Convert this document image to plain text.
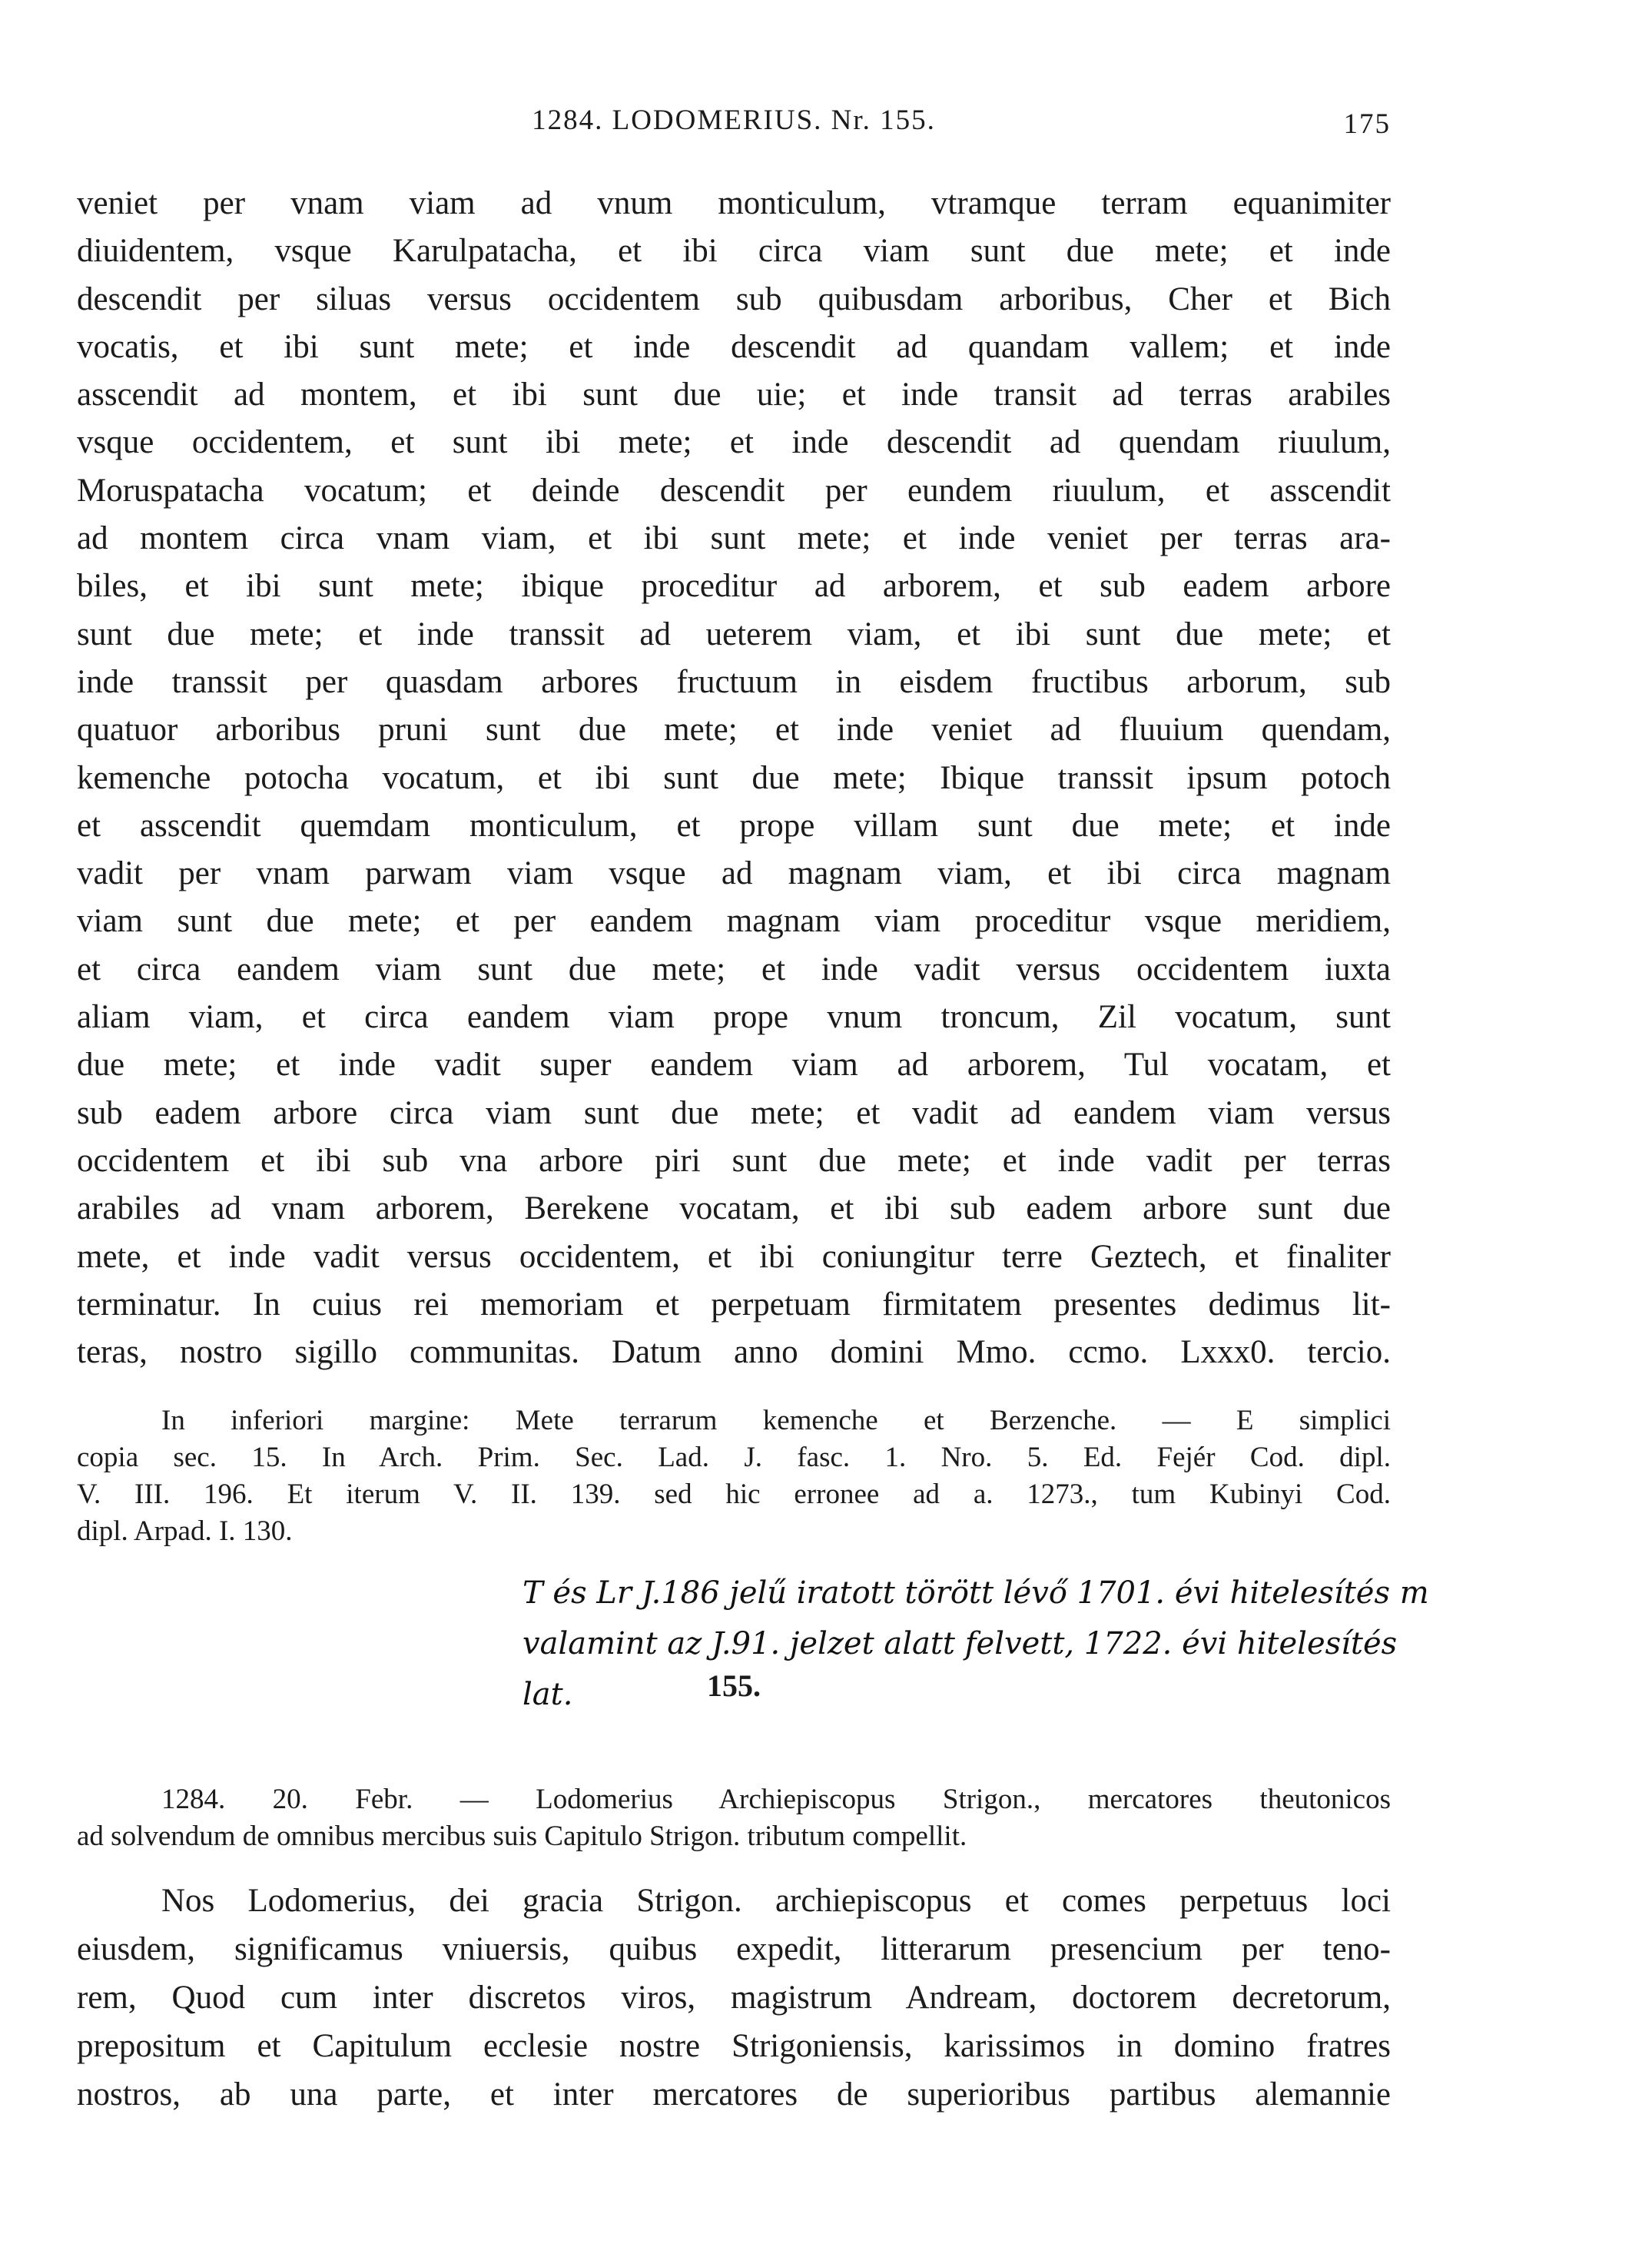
1284. LODOMERIUS. Nr. 155.	175
veniet per vnam viam ad vnum monticulum, vtramque terram equanimiter
diuidentem, vsque Karulpatacha, et ibi circa viam sunt due mete; et inde
descendit per siluas versus occidentem sub quibusdam arboribus, Cher et Bich
vocatis, et ibi sunt mete; et inde descendit ad quandam vallem; et inde
asscendit ad montem, et ibi sunt due uie; et inde transit ad terras arabiles
vsque occidentem, et sunt ibi mete; et inde descendit ad quendam riuulum,
Moruspatacha vocatum; et deinde descendit per eundem riuulum, et asscendit
ad montem circa vnam viam, et ibi sunt mete; et inde veniet per terras ara-
biles, et ibi sunt mete; ibique proceditur ad arborem, et sub eadem arbore
sunt due mete; et inde transsit ad ueterem viam, et ibi sunt due mete; et
inde transsit per quasdam arbores fructuum in eisdem fructibus arborum, sub
quatuor arboribus pruni sunt due mete; et inde veniet ad fluuium quendam,
kemenche potocha vocatum, et ibi sunt due mete; Ibique transsit ipsum potoch
et asscendit quemdam monticulum, et prope villam sunt due mete; et inde
vadit per vnam parwam viam vsque ad magnam viam, et ibi circa magnam
viam sunt due mete; et per eandem magnam viam proceditur vsque meridiem,
et circa eandem viam sunt due mete; et inde vadit versus occidentem iuxta
aliam viam, et circa eandem viam prope vnum troncum, Zil vocatum, sunt
due mete; et inde vadit super eandem viam ad arborem, Tul vocatam, et
sub eadem arbore circa viam sunt due mete; et vadit ad eandem viam versus
occidentem et ibi sub vna arbore piri sunt due mete; et inde vadit per terras
arabiles ad vnam arborem, Berekene vocatam, et ibi sub eadem arbore sunt due
mete, et inde vadit versus occidentem, et ibi coniungitur terre Geztech, et finaliter
terminatur. In cuius rei memoriam et perpetuam firmitatem presentes dedimus lit-
teras, nostro sigillo communitas. Datum anno domini Mmo. ccmo. Lxxx0. tercio.
In inferiori margine: Mete terrarum kemenche et Berzenche. — E simplici
copia sec. 15. In Arch. Prim. Sec. Lad. J. fasc. 1. Nro. 5. Ed. Fejér Cod. dipl.
V. III. 196. Et iterum V. II. 139. sed hic erronee ad a. 1273., tum Kubinyi Cod.
dipl. Arpad. I. 130.
T és Lr J.186 jelű iratott törött lévő 1701. évi hitelesítés m
valamint az J.91. jelzet alatt felvett, 1722. évi hitelesítés
lat.	155.
1284. 20. Febr. — Lodomerius Archiepiscopus Strigon., mercatores theutonicos
ad solvendum de omnibus mercibus suis Capitulo Strigon. tributum compellit.
Nos Lodomerius, dei gracia Strigon. archiepiscopus et comes perpetuus loci
eiusdem, significamus vniuersis, quibus expedit, litterarum presencium per teno-
rem, Quod cum inter discretos viros, magistrum Andream, doctorem decretorum,
prepositum et Capitulum ecclesie nostre Strigoniensis, karissimos in domino fratres
nostros, ab una parte, et inter mercatores de superioribus partibus alemannie
